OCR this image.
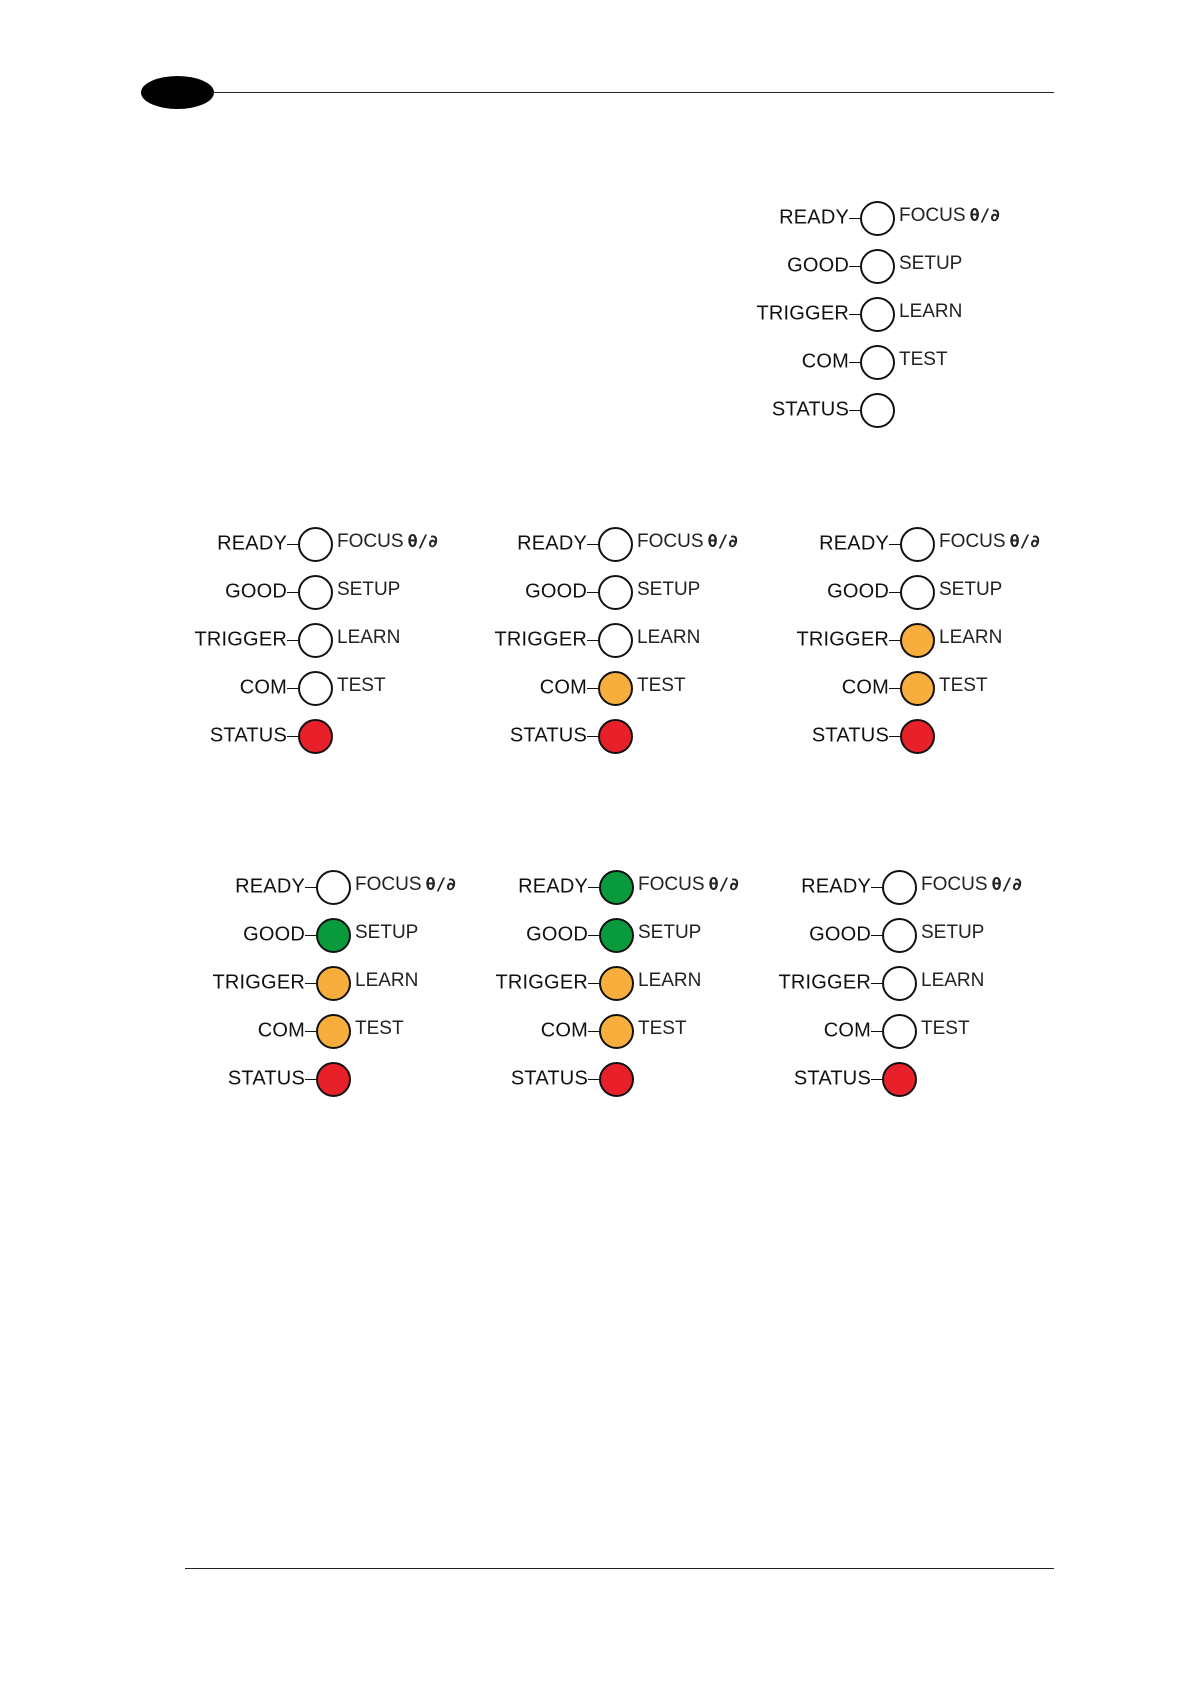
READY	FOCUS θ/∂
GOOD	SETUP
TRIGGER	LEARN
COM	TEST
STATUS
READY	FOCUS θ/∂
GOOD	SETUP
TRIGGER	LEARN
COM	TEST
STATUS
READY	FOCUS θ/∂
GOOD	SETUP
TRIGGER	LEARN
COM	TEST
STATUS
READY	FOCUS θ/∂
GOOD	SETUP
TRIGGER	LEARN
COM	TEST
STATUS
READY	FOCUS θ/∂
GOOD	SETUP
TRIGGER	LEARN
COM	TEST
STATUS
READY	FOCUS θ/∂
GOOD	SETUP
TRIGGER	LEARN
COM	TEST
STATUS
READY	FOCUS θ/∂
GOOD	SETUP
TRIGGER	LEARN
COM	TEST
STATUS
